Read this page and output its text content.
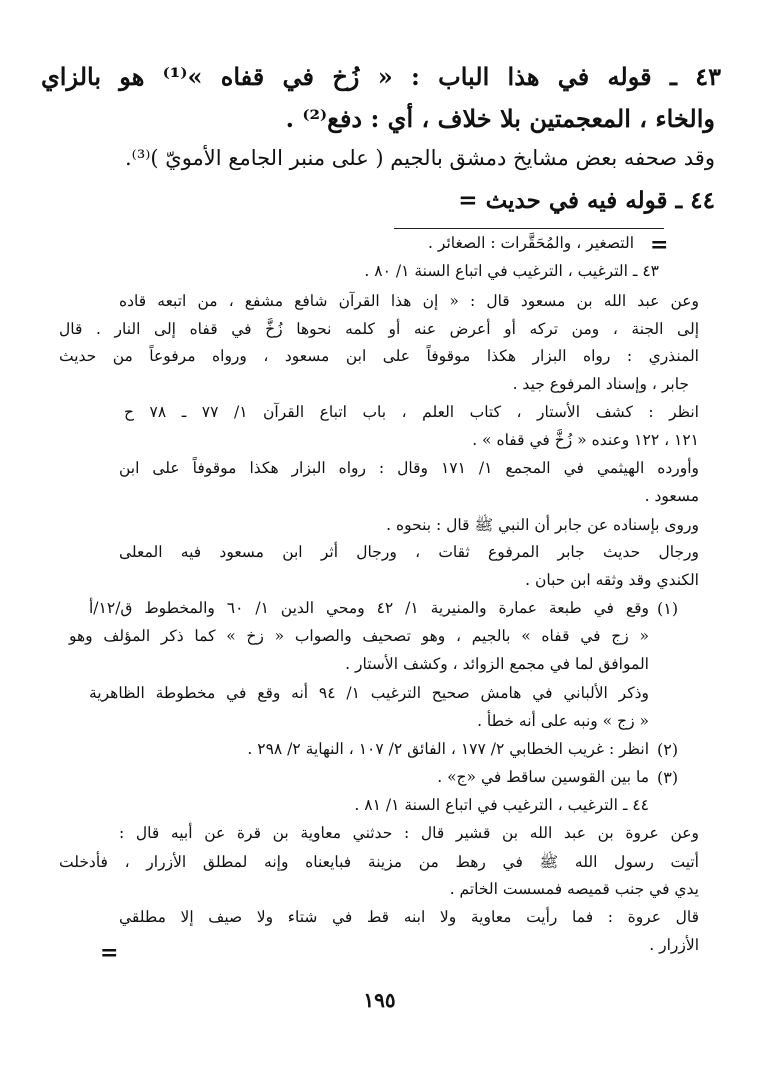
٤٣ ـ قوله في هذا الباب : « زُخ في قفاه »⁽¹⁾ هو بالزاي
والخاء ، المعجمتين بلا خلاف ، أي : دفع⁽²⁾ .
وقد صحفه بعض مشايخ دمشق بالجيم ( على منبر الجامع الأمويّ )⁽³⁾.
٤٤ ـ قوله فيه في حديث =
=
التصغير ، والمُحَقَّرات : الصغائر .
٤٣ ـ الترغيب ، الترغيب في اتباع السنة ١/ ٨٠ .
وعن عبد الله بن مسعود قال : « إن هذا القرآن شافع مشفع ، من اتبعه قاده
إلى الجنة ، ومن تركه أو أعرض عنه أو كلمه نحوها زُخَّ في قفاه إلى النار . قال
المنذري : رواه البزار هكذا موقوفاً على ابن مسعود ، ورواه مرفوعاً من حديث
جابر ، وإسناد المرفوع جيد .
انظر : كشف الأستار ، كتاب العلم ، باب اتباع القرآن ١/ ٧٧ ـ ٧٨ ح
١٢١ ، ١٢٢ وعنده « زُخَّ في قفاه » .
وأورده الهيثمي في المجمع ١/ ١٧١ وقال : رواه البزار هكذا موقوفاً على ابن
مسعود .
وروى بإسناده عن جابر أن النبي ﷺ قال : بنحوه .
ورجال حديث جابر المرفوع ثقات ، ورجال أثر ابن مسعود فيه المعلى
الكندي وقد وثقه ابن حبان .
(١)
وقع في طبعة عمارة والمنيرية ١/ ٤٢ ومحي الدين ١/ ٦٠ والمخطوط ق/١٢/أ
« زج في قفاه » بالجيم ، وهو تصحيف والصواب « زخ » كما ذكر المؤلف وهو
الموافق لما في مجمع الزوائد ، وكشف الأستار .
وذكر الألباني في هامش صحيح الترغيب ١/ ٩٤ أنه وقع في مخطوطة الظاهرية
« زج » ونبه على أنه خطأ .
(٢)
انظر : غريب الخطابي ٢/ ١٧٧ ، الفائق ٢/ ١٠٧ ، النهاية ٢/ ٢٩٨ .
(٣)
ما بين القوسين ساقط في «ج» .
٤٤ ـ الترغيب ، الترغيب في اتباع السنة ١/ ٨١ .
وعن عروة بن عبد الله بن قشير قال : حدثني معاوية بن قرة عن أبيه قال :
أتيت رسول الله ﷺ في رهط من مزينة فبايعناه وإنه لمطلق الأزرار ، فأدخلت
يدي في جنب قميصه فمسست الخاتم .
قال عروة : فما رأيت معاوية ولا ابنه قط في شتاء ولا صيف إلا مطلقي
الأزرار .
=
١٩٥
